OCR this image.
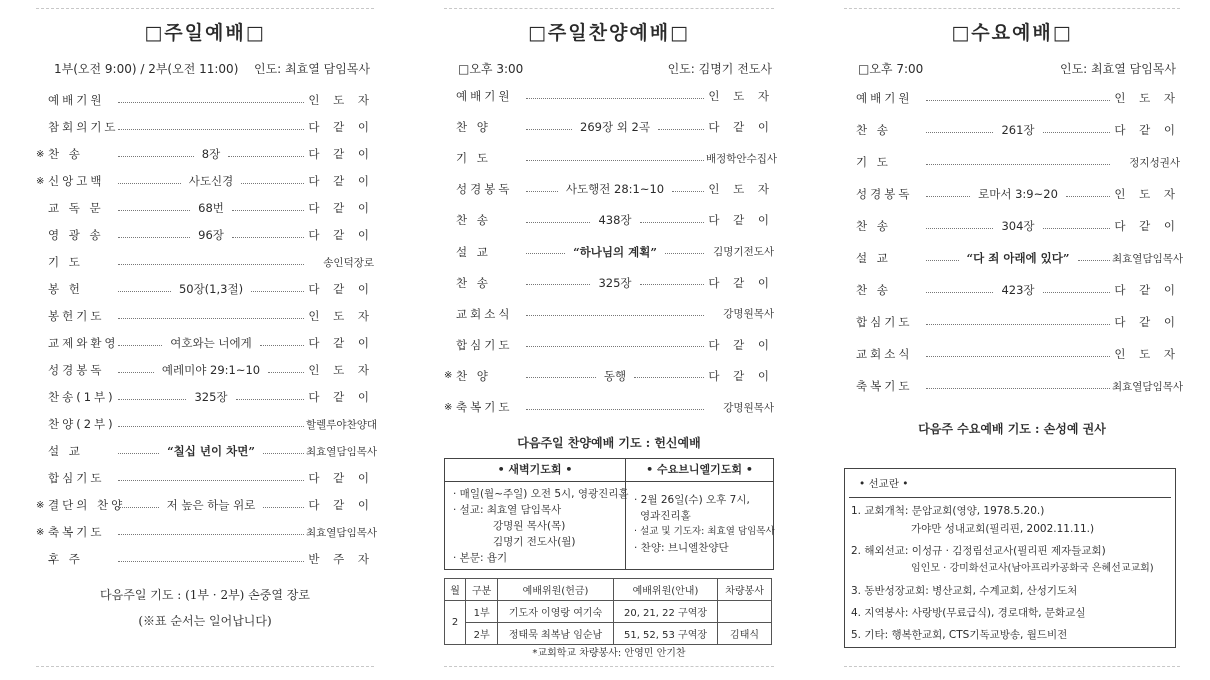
□주일예배□
1부(오전 9:00) / 2부(오전 11:00) 인도: 최효열 담임목사
예배기원	인 도 자
참회의기도	다 같 이
※ 찬 송	8장	다 같 이
※ 신앙고백	사도신경	다 같 이
교 독 문	68번	다 같 이
영 광 송	96장	다 같 이
기 도	송인덕장로
봉 헌	50장(1,3절)	다 같 이
봉헌기도	인 도 자
교제와환영	여호와는 너에게	다 같 이
성경봉독	예레미야 29:1~10	인 도 자
찬송(1부)	325장	다 같 이
찬양(2부)	할렐루야찬양대
설 교	“칠십 년이 차면”	최효열담임목사
합심기도	다 같 이
※ 결단의 찬양	저 높은 하늘 위로	다 같 이
※ 축복기도	최효열담임목사
후 주	반 주 자
다음주일 기도 : (1부 · 2부) 손중열 장로
(※표 순서는 일어납니다)
□주일찬양예배□
□오후 3:00	인도: 김명기 전도사
예배기원	인 도 자
찬 양	269장 외 2곡	다 같 이
기 도	배정학안수집사
성경봉독	사도행전 28:1~10	인 도 자
찬 송	438장	다 같 이
설 교	“하나님의 계획”	김명기전도사
찬 송	325장	다 같 이
교회소식	강명원목사
합심기도	다 같 이
※ 찬 양	동행	다 같 이
※ 축복기도	강명원목사
다음주일 찬양예배 기도 : 헌신예배
• 새벽기도회 •
· 매일(월~주일) 오전 5시, 영광진리홀
· 설교: 최효열 담임목사
강명원 목사(목)
김명기 전도사(월)
· 본문: 욥기
• 수요브니엘기도회 •
· 2월 26일(수) 오후 7시,
영과진리홀
· 설교 및 기도자: 최효열 담임목사
· 찬양: 브니엘찬양단
월	구분	예배위원(헌금)	예배위원(안내)	차량봉사
2	1부	기도자 이영랑 여기숙	20, 21, 22 구역장	
	2부	정태묵 최복남 임순남	51, 52, 53 구역장	김태식
*교회학교 차량봉사: 안영민 안기찬
□수요예배□
□오후 7:00	인도: 최효열 담임목사
예배기원	인 도 자
찬 송	261장	다 같 이
기 도	정지성권사
성경봉독	로마서 3:9~20	인 도 자
찬 송	304장	다 같 이
설 교	“다 죄 아래에 있다”	최효열담임목사
찬 송	423장	다 같 이
합심기도	다 같 이
교회소식	인 도 자
축복기도	최효열담임목사
다음주 수요예배 기도 : 손성예 권사
• 선교란 •
1. 교회개척: 문암교회(영양, 1978.5.20.)
가야만 성내교회(필리핀, 2002.11.11.)
2. 해외선교: 이성규 · 김정림선교사(필리핀 제자들교회)
임인모 · 강미화선교사(남아프리카공화국 은혜선교교회)
3. 동반성장교회: 병산교회, 수계교회, 산성기도처
4. 지역봉사: 사랑방(무료급식), 경로대학, 문화교실
5. 기타: 행복한교회, CTS기독교방송, 월드비전
